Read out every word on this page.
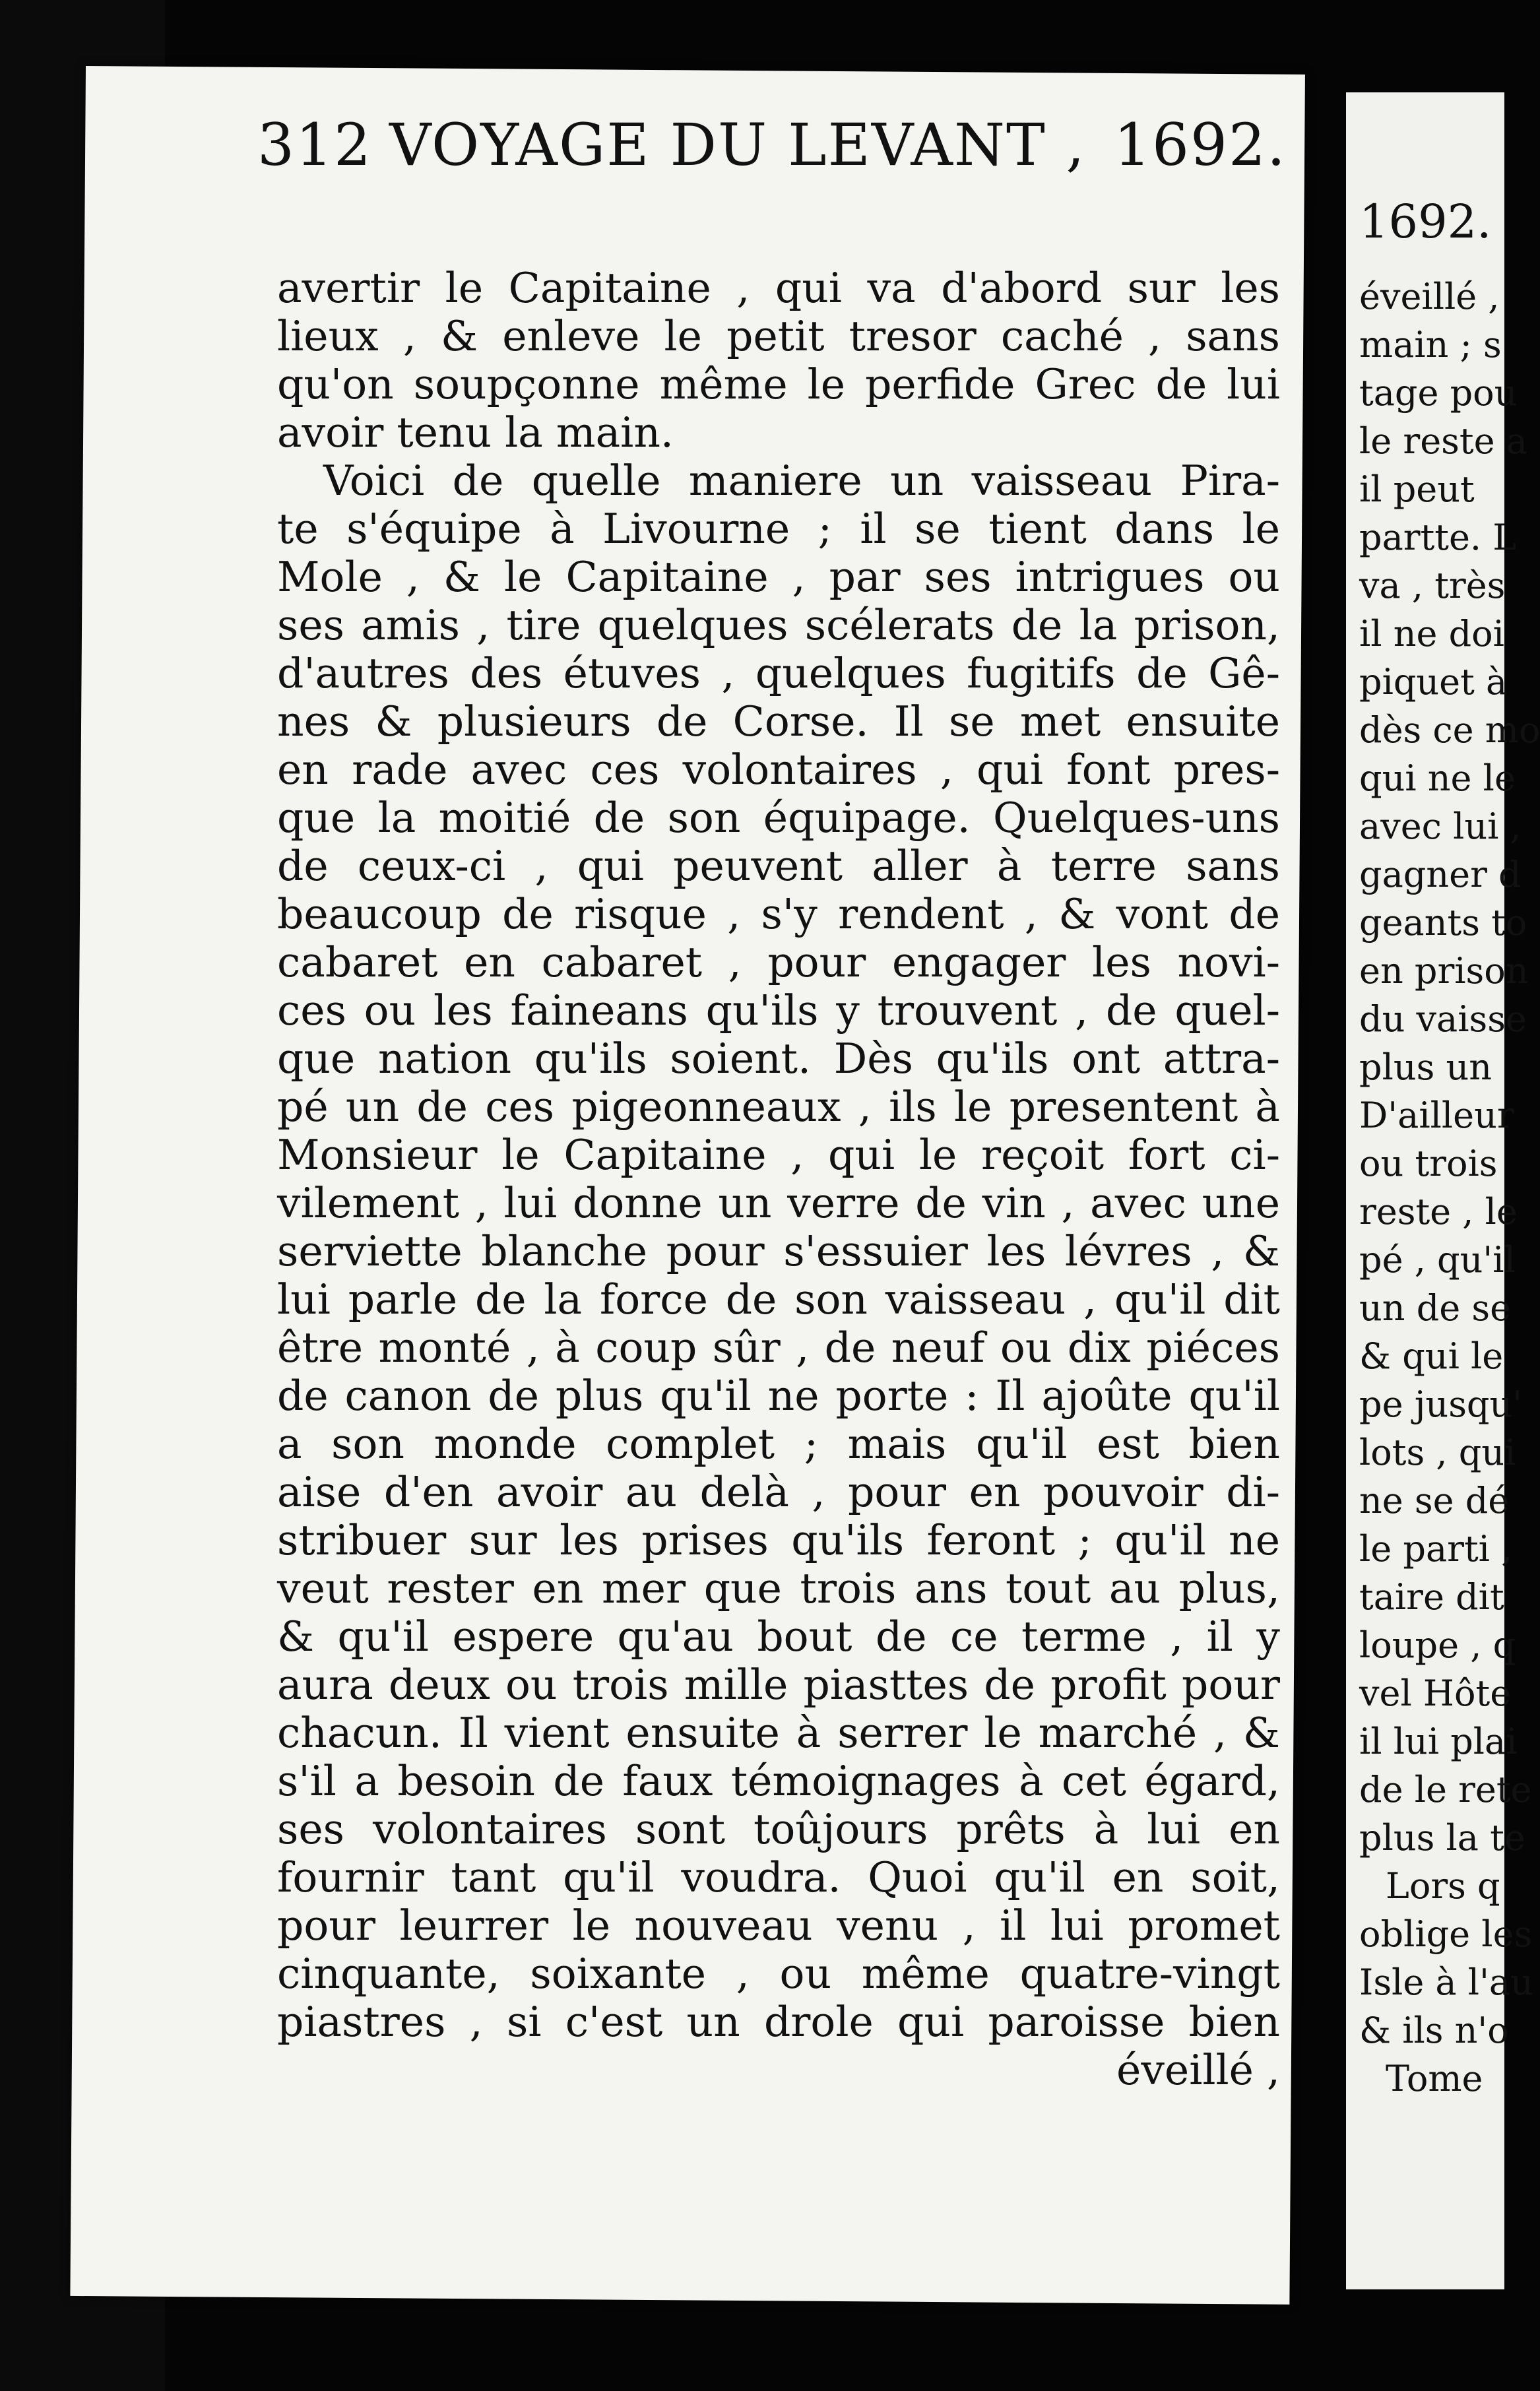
312 VOYAGE DU LEVANT , 1692.
avertir le Capitaine , qui va d'abord sur les
lieux , & enleve le petit tresor caché , sans
qu'on soupçonne même le perfide Grec de lui
avoir tenu la main.
Voici de quelle maniere un vaisseau Pira-
te s'équipe à Livourne ; il se tient dans le
Mole , & le Capitaine , par ses intrigues ou
ses amis , tire quelques scélerats de la prison,
d'autres des étuves , quelques fugitifs de Gê-
nes & plusieurs de Corse. Il se met ensuite
en rade avec ces volontaires , qui font pres-
que la moitié de son équipage. Quelques-uns
de ceux-ci , qui peuvent aller à terre sans
beaucoup de risque , s'y rendent , & vont de
cabaret en cabaret , pour engager les novi-
ces ou les faineans qu'ils y trouvent , de quel-
que nation qu'ils soient. Dès qu'ils ont attra-
pé un de ces pigeonneaux , ils le presentent à
Monsieur le Capitaine , qui le reçoit fort ci-
vilement , lui donne un verre de vin , avec une
serviette blanche pour s'essuier les lévres , &
lui parle de la force de son vaisseau , qu'il dit
être monté , à coup sûr , de neuf ou dix piéces
de canon de plus qu'il ne porte : Il ajoûte qu'il
a son monde complet ; mais qu'il est bien
aise d'en avoir au delà , pour en pouvoir di-
stribuer sur les prises qu'ils feront ; qu'il ne
veut rester en mer que trois ans tout au plus,
& qu'il espere qu'au bout de ce terme , il y
aura deux ou trois mille piasttes de profit pour
chacun. Il vient ensuite à serrer le marché , &
s'il a besoin de faux témoignages à cet égard,
ses volontaires sont toûjours prêts à lui en
fournir tant qu'il voudra. Quoi qu'il en soit,
pour leurrer le nouveau venu , il lui promet
cinquante, soixante , ou même quatre-vingt
piastres , si c'est un drole qui paroisse bien
éveillé ,
1692.
éveillé ,
main ; s
tage pou
le reste a
il peut
partte. L
va , très
il ne doi
piquet à
dès ce mo
qui ne le
avec lui ,
gagner d
geants to
en prison
du vaisse
plus un
D'ailleur
ou trois
reste , le
pé , qu'il
un de se
& qui le
pe jusqu'
lots , qui
ne se dé
le parti ,
taire dit
loupe , q
vel Hôte
il lui plai
de le rete
plus la te
Lors q
oblige les
Isle à l'au
& ils n'o
Tome
